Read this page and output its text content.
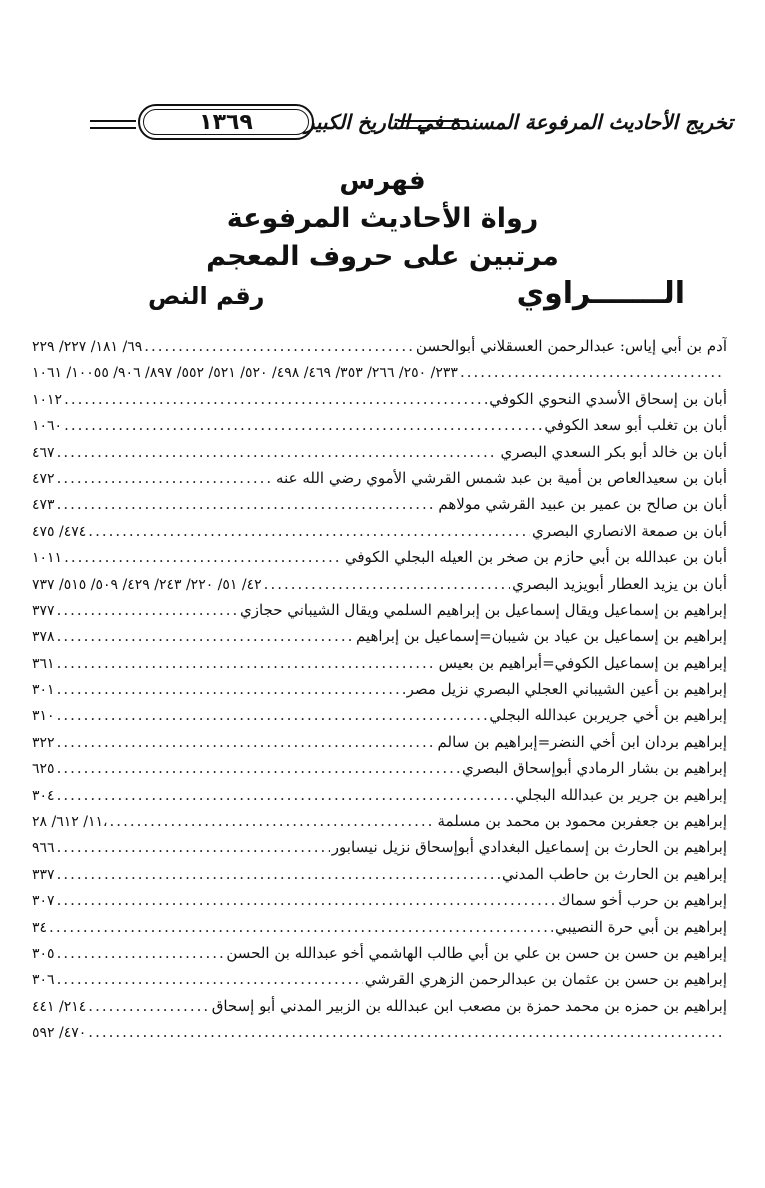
تخريج الأحاديث المرفوعة المسندة في التاريخ الكبير
١٣٦٩
فهرس
رواة الأحاديث المرفوعة
مرتبين على حروف المعجم
الـــــــراوي
رقم النص
آدم بن أبي إياس: عبدالرحمن العسقلاني أبوالحسن
.....
٦٩/ ١٨١/ ٢٢٧/ ٢٢٩
.....
٢٣٣/ ٢٥٠/ ٢٦٦/ ٣٥٣/ ٤٦٩/ ٤٩٨/ ٥٢٠/ ٥٢١/ ٥٥٢/ ٨٩٧/ ٩٠٦/ ١٠٠٥٥/ ١٠٦١
أبان بن إسحاق الأسدي النحوي الكوفي
.....
١٠١٢
أبان بن تغلب أبو سعد الكوفي
.....
١٠٦٠
أبان بن خالد أبو بكر السعدي البصري
.....
٤٦٧
أبان بن سعيدالعاص بن أمية بن عبد شمس القرشي الأموي رضي الله عنه
.....
٤٧٢
أبان بن صالح بن عمير بن عبيد القرشي مولاهم
.....
٤٧٣
أبان بن صمعة الانصاري البصري
.....
٤٧٤/ ٤٧٥
أبان بن عبدالله بن أبي حازم بن صخر بن العيله البجلي الكوفي
.....
١٠١١
أبان بن يزيد العطار أبويزيد البصري
.....
٤٢/ ٥١/ ٢٢٠/ ٢٤٣/ ٤٢٩/ ٥٠٩/ ٥١٥/ ٧٣٧
إبراهيم بن إسماعيل ويقال إسماعيل بن إبراهيم السلمي ويقال الشيباني حجازي
.....
٣٧٧
إبراهيم بن إسماعيل بن عياد بن شيبان=إسماعيل بن إبراهيم
.....
٣٧٨
إبراهيم بن إسماعيل الكوفي=أبراهيم بن بعيس
.....
٣٦١
إبراهيم بن أعين الشيباني العجلي البصري نزيل مصر
.....
٣٠١
إبراهيم بن أخي جريربن عبدالله البجلي
.....
٣١٠
إبراهيم بردان ابن أخي النضر=إبراهيم بن سالم
.....
٣٢٢
إبراهيم بن بشار الرمادي أبوإسحاق البصري
.....
٦٢٥
إبراهيم بن جرير بن عبدالله البجلي
.....
٣٠٤
إبراهيم بن جعفربن محمود بن محمد بن مسلمة
.....
١١/ ٦١٢/ ٢٨،
إبراهيم بن الحارث بن إسماعيل البغدادي أبوإسحاق نزيل نيسابور
.....
٩٦٦
إبراهيم بن الحارث بن حاطب المدني
.....
٣٣٧
إبراهيم بن حرب أخو سماك
.....
٣٠٧
إبراهيم بن أبي حرة النصيبي
.....
٣٤
إبراهيم بن حسن بن حسن بن علي بن أبي طالب الهاشمي أخو عبدالله بن الحسن
.....
٣٠٥
إبراهيم بن حسن بن عثمان بن عبدالرحمن الزهري القرشي
.....
٣٠٦
إبراهيم بن حمزه بن محمد حمزة بن مصعب ابن عبدالله بن الزبير المدني أبو إسحاق
.....
٢١٤/ ٤٤١
.....
٤٧٠/ ٥٩٢
